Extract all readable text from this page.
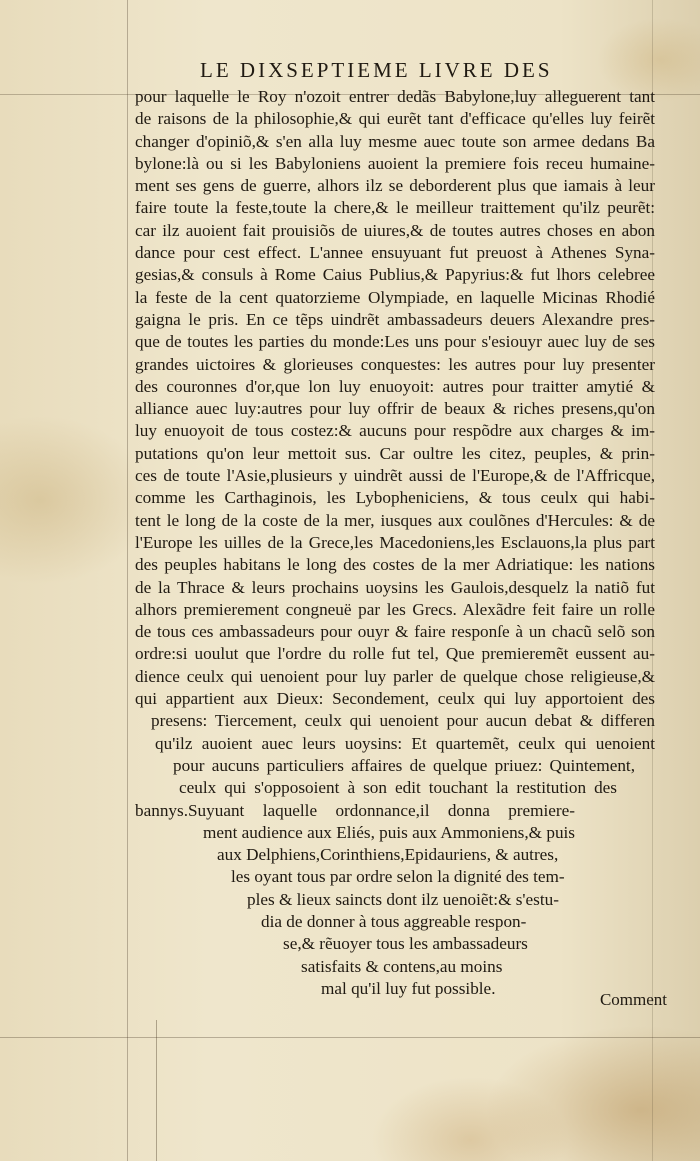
LE DIXSEPTIEME LIVRE DES
pour laquelle le Roy n'ozoit entrer dedãs Babylone,luy alleguerent tant
de raisons de la philosophie,& qui eurẽt tant d'efficace qu'elles luy feirẽt
changer d'opiniõ,& s'en alla luy mesme auec toute son armee dedans Ba
bylone:là ou si les Babyloniens auoient la premiere fois receu humaine-
ment ses gens de guerre, alhors ilz se deborderent plus que iamais à leur
faire toute la feste,toute la chere,& le meilleur traittement qu'ilz peurẽt:
car ilz auoient fait prouisiõs de uiures,& de toutes autres choses en abon
dance pour cest effect. L'annee ensuyuant fut preuost à Athenes Syna-
gesias,& consuls à Rome Caius Publius,& Papyrius:& fut lhors celebree
la feste de la cent quatorzieme Olympiade, en laquelle Micinas Rhodié
gaigna le pris. En ce tẽps uindrẽt ambassadeurs deuers Alexandre pres-
que de toutes les parties du monde:Les uns pour s'esiouyr auec luy de ses
grandes uictoires & glorieuses conquestes: les autres pour luy presenter
des couronnes d'or,que lon luy enuoyoit: autres pour traitter amytié &
alliance auec luy:autres pour luy offrir de beaux & riches presens,qu'on
luy enuoyoit de tous costez:& aucuns pour respõdre aux charges & im-
putations qu'on leur mettoit sus. Car oultre les citez, peuples, & prin-
ces de toute l'Asie,plusieurs y uindrẽt aussi de l'Europe,& de l'Affricque,
comme les Carthaginois, les Lybopheniciens, & tous ceulx qui habi-
tent le long de la coste de la mer, iusques aux coulõnes d'Hercules: & de
l'Europe les uilles de la Grece,les Macedoniens,les Esclauons,la plus part
des peuples habitans le long des costes de la mer Adriatique: les nations
de la Thrace & leurs prochains uoysins les Gaulois,desquelz la natiõ fut
alhors premierement congneuë par les Grecs. Alexãdre feit faire un rolle
de tous ces ambassadeurs pour ouyr & faire responſe à un chacũ selõ son
ordre:si uoulut que l'ordre du rolle fut tel, Que premieremẽt eussent au-
dience ceulx qui uenoient pour luy parler de quelque chose religieuse,&
qui appartient aux Dieux: Secondement, ceulx qui luy apportoient des
presens: Tiercement, ceulx qui uenoient pour aucun debat & differen
qu'ilz auoient auec leurs uoysins: Et quartemẽt, ceulx qui uenoient
pour aucuns particuliers affaires de quelque priuez: Quintement,
ceulx qui s'opposoient à son edit touchant la restitution des
bannys.Suyuant laquelle ordonnance,il donna premiere-
ment audience aux Eliés, puis aux Ammoniens,& puis
aux Delphiens,Corinthiens,Epidauriens, & autres,
les oyant tous par ordre selon la dignité des tem-
ples & lieux saincts dont ilz uenoiẽt:& s'estu-
dia de donner à tous aggreable respon-
se,& rẽuoyer tous les ambassadeurs
satisfaits & contens,au moins
mal qu'il luy fut possible.
Comment
